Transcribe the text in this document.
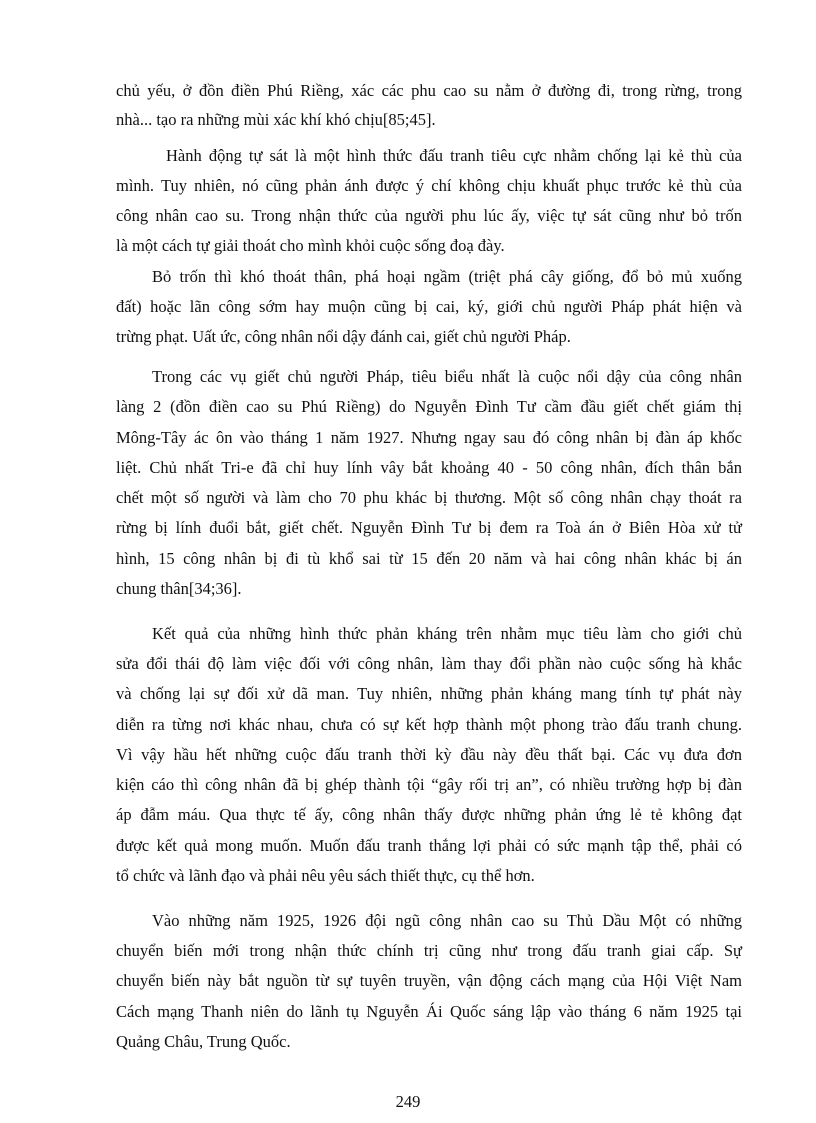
chủ yếu, ở đồn điền Phú Riềng, xác các phu cao su nằm ở đường đi, trong rừng, trong
nhà... tạo ra những mùi xác khí khó chịu[85;45].
Hành động tự sát là một hình thức đấu tranh tiêu cực nhằm chống lại kẻ thù của
mình. Tuy nhiên, nó cũng phản ánh được ý chí không chịu khuất phục trước kẻ thù của
công nhân cao su. Trong nhận thức của người phu lúc ấy, việc tự sát cũng như bỏ trốn
là một cách tự giải thoát cho mình khỏi cuộc sống đoạ đày.
Bỏ trốn thì khó thoát thân, phá hoại ngầm (triệt phá cây giống, đổ bỏ mủ xuống
đất) hoặc lãn công sớm hay muộn cũng bị cai, ký, giới chủ người Pháp phát hiện và
trừng phạt. Uất ức, công nhân nổi dậy đánh cai, giết chủ người Pháp.
Trong các vụ giết chủ người Pháp, tiêu biểu nhất là cuộc nổi dậy của công nhân
làng 2 (đồn điền cao su Phú Riềng) do Nguyễn Đình Tư cầm đầu giết chết giám thị
Mông-Tây ác ôn vào tháng 1 năm 1927. Nhưng ngay sau đó công nhân bị đàn áp khốc
liệt. Chủ nhất Tri-e đã chỉ huy lính vây bắt khoảng 40 - 50 công nhân, đích thân bắn
chết một số người và làm cho 70 phu khác bị thương. Một số công nhân chạy thoát ra
rừng bị lính đuổi bắt, giết chết. Nguyễn Đình Tư bị đem ra Toà án ở Biên Hòa xử tử
hình, 15 công nhân bị đi tù khổ sai từ 15 đến 20 năm và hai công nhân khác bị án
chung thân[34;36].
Kết quả của những hình thức phản kháng trên nhằm mục tiêu làm cho giới chủ
sửa đổi thái độ làm việc đối với công nhân, làm thay đổi phần nào cuộc sống hà khắc
và chống lại sự đối xử dã man. Tuy nhiên, những phản kháng mang tính tự phát này
diễn ra từng nơi khác nhau, chưa có sự kết hợp thành một phong trào đấu tranh chung.
Vì vậy hầu hết những cuộc đấu tranh thời kỳ đầu này đều thất bại. Các vụ đưa đơn
kiện cáo thì công nhân đã bị ghép thành tội “gây rối trị an”, có nhiều trường hợp bị đàn
áp đẫm máu. Qua thực tế ấy, công nhân thấy được những phản ứng lẻ tẻ không đạt
được kết quả mong muốn. Muốn đấu tranh thắng lợi phải có sức mạnh tập thể, phải có
tổ chức và lãnh đạo và phải nêu yêu sách thiết thực, cụ thể hơn.
Vào những năm 1925, 1926 đội ngũ công nhân cao su Thủ Dầu Một có những
chuyển biến mới trong nhận thức chính trị cũng như trong đấu tranh giai cấp. Sự
chuyển biến này bắt nguồn từ sự tuyên truyền, vận động cách mạng của Hội Việt Nam
Cách mạng Thanh niên do lãnh tụ Nguyễn Ái Quốc sáng lập vào tháng 6 năm 1925 tại
Quảng Châu, Trung Quốc.
249
